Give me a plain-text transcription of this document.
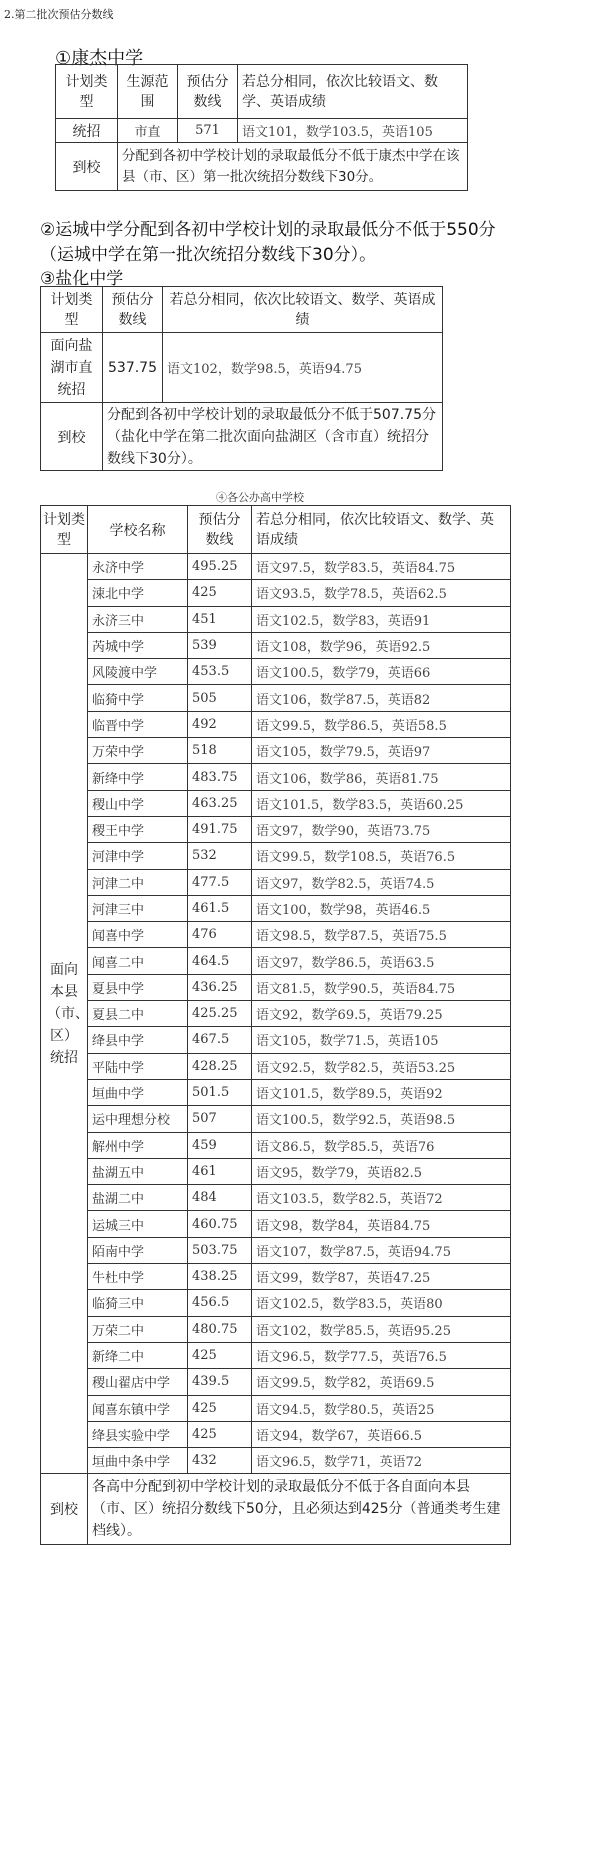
2.第二批次预估分数线
①康杰中学
计划类型	生源范围	预估分数线	若总分相同，依次比较语文、数学、英语成绩
统招	市直	571	语文101，数学103.5，英语105
到校	分配到各初中学校计划的录取最低分不低于康杰中学在该县（市、区）第一批次统招分数线下30分。		
②运城中学分配到各初中学校计划的录取最低分不低于550分
（运城中学在第一批次统招分数线下30分）。
③盐化中学
计划类型	预估分数线	若总分相同，依次比较语文、数学、英语成绩
面向盐湖市直统招	537.75	语文102，数学98.5，英语94.75
到校	分配到各初中学校计划的录取最低分不低于507.75分（盐化中学在第二批次面向盐湖区（含市直）统招分数线下30分）。	
④各公办高中学校
计划类型	学校名称	预估分数线	若总分相同，依次比较语文、数学、英语成绩
面向本县（市、区）统招	永济中学	495.25	语文97.5，数学83.5，英语84.75
	涑北中学	425	语文93.5，数学78.5，英语62.5
	永济三中	451	语文102.5，数学83，英语91
	芮城中学	539	语文108，数学96，英语92.5
	风陵渡中学	453.5	语文100.5，数学79，英语66
	临猗中学	505	语文106，数学87.5，英语82
	临晋中学	492	语文99.5，数学86.5，英语58.5
	万荣中学	518	语文105，数学79.5，英语97
	新绛中学	483.75	语文106，数学86，英语81.75
	稷山中学	463.25	语文101.5，数学83.5，英语60.25
	稷王中学	491.75	语文97，数学90，英语73.75
	河津中学	532	语文99.5，数学108.5，英语76.5
	河津二中	477.5	语文97，数学82.5，英语74.5
	河津三中	461.5	语文100，数学98，英语46.5
	闻喜中学	476	语文98.5，数学87.5，英语75.5
	闻喜二中	464.5	语文97，数学86.5，英语63.5
	夏县中学	436.25	语文81.5，数学90.5，英语84.75
	夏县二中	425.25	语文92，数学69.5，英语79.25
	绛县中学	467.5	语文105，数学71.5，英语105
	平陆中学	428.25	语文92.5，数学82.5，英语53.25
	垣曲中学	501.5	语文101.5，数学89.5，英语92
	运中理想分校	507	语文100.5，数学92.5，英语98.5
	解州中学	459	语文86.5，数学85.5，英语76
	盐湖五中	461	语文95，数学79，英语82.5
	盐湖二中	484	语文103.5，数学82.5，英语72
	运城三中	460.75	语文98，数学84，英语84.75
	陌南中学	503.75	语文107，数学87.5，英语94.75
	牛杜中学	438.25	语文99，数学87，英语47.25
	临猗三中	456.5	语文102.5，数学83.5，英语80
	万荣二中	480.75	语文102，数学85.5，英语95.25
	新绛二中	425	语文96.5，数学77.5，英语76.5
	稷山翟店中学	439.5	语文99.5，数学82，英语69.5
	闻喜东镇中学	425	语文94.5，数学80.5，英语25
	绛县实验中学	425	语文94，数学67，英语66.5
	垣曲中条中学	432	语文96.5，数学71，英语72
到校	各高中分配到初中学校计划的录取最低分不低于各自面向本县（市、区）统招分数线下50分，且必须达到425分（普通类考生建档线）。		
